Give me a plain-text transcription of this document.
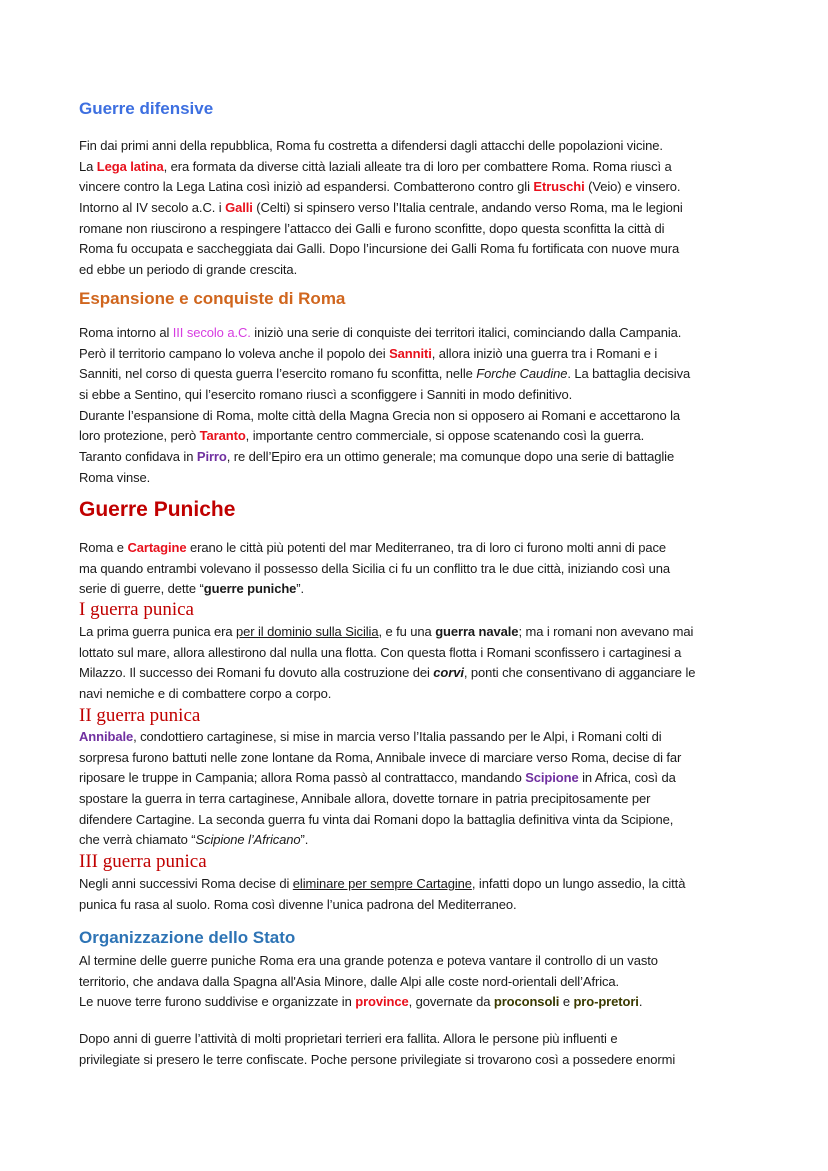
Guerre difensive
Fin dai primi anni della repubblica, Roma fu costretta a difendersi dagli attacchi delle popolazioni vicine.
La Lega latina, era formata da diverse città laziali alleate tra di loro per combattere Roma. Roma riuscì a
vincere contro la Lega Latina così iniziò ad espandersi. Combatterono contro gli Etruschi (Veio) e vinsero.
Intorno al IV secolo a.C. i Galli (Celti) si spinsero verso l’Italia centrale, andando verso Roma, ma le legioni
romane non riuscirono a respingere l’attacco dei Galli e furono sconfitte, dopo questa sconfitta la città di
Roma fu occupata e saccheggiata dai Galli. Dopo l’incursione dei Galli Roma fu fortificata con nuove mura
ed ebbe un periodo di grande crescita.
Espansione e conquiste di Roma
Roma intorno al III secolo a.C. iniziò una serie di conquiste dei territori italici, cominciando dalla Campania.
Però il territorio campano lo voleva anche il popolo dei Sanniti, allora iniziò una guerra tra i Romani e i
Sanniti, nel corso di questa guerra l’esercito romano fu sconfitta, nelle Forche Caudine. La battaglia decisiva
si ebbe a Sentino, qui l’esercito romano riuscì a sconfiggere i Sanniti in modo definitivo.
Durante l’espansione di Roma, molte città della Magna Grecia non si opposero ai Romani e accettarono la
loro protezione, però Taranto, importante centro commerciale, si oppose scatenando così la guerra.
Taranto confidava in Pirro, re dell’Epiro era un ottimo generale; ma comunque dopo una serie di battaglie
Roma vinse.
Guerre Puniche
Roma e Cartagine erano le città più potenti del mar Mediterraneo, tra di loro ci furono molti anni di pace
ma quando entrambi volevano il possesso della Sicilia ci fu un conflitto tra le due città, iniziando così una
serie di guerre, dette “guerre puniche”.
I guerra punica
La prima guerra punica era per il dominio sulla Sicilia, e fu una guerra navale; ma i romani non avevano mai
lottato sul mare, allora allestirono dal nulla una flotta. Con questa flotta i Romani sconfissero i cartaginesi a
Milazzo. Il successo dei Romani fu dovuto alla costruzione dei corvi, ponti che consentivano di agganciare le
navi nemiche e di combattere corpo a corpo.
II guerra punica
Annibale, condottiero cartaginese, si mise in marcia verso l’Italia passando per le Alpi, i Romani colti di
sorpresa furono battuti nelle zone lontane da Roma, Annibale invece di marciare verso Roma, decise di far
riposare le truppe in Campania; allora Roma passò al contrattacco, mandando Scipione in Africa, così da
spostare la guerra in terra cartaginese, Annibale allora, dovette tornare in patria precipitosamente per
difendere Cartagine. La seconda guerra fu vinta dai Romani dopo la battaglia definitiva vinta da Scipione,
che verrà chiamato “Scipione l’Africano”.
III guerra punica
Negli anni successivi Roma decise di eliminare per sempre Cartagine, infatti dopo un lungo assedio, la città
punica fu rasa al suolo. Roma così divenne l’unica padrona del Mediterraneo.
Organizzazione dello Stato
Al termine delle guerre puniche Roma era una grande potenza e poteva vantare il controllo di un vasto
territorio, che andava dalla Spagna all'Asia Minore, dalle Alpi alle coste nord-orientali dell’Africa.
Le nuove terre furono suddivise e organizzate in province, governate da proconsoli e pro-pretori.
Dopo anni di guerre l’attività di molti proprietari terrieri era fallita. Allora le persone più influenti e
privilegiate si presero le terre confiscate. Poche persone privilegiate si trovarono così a possedere enormi
